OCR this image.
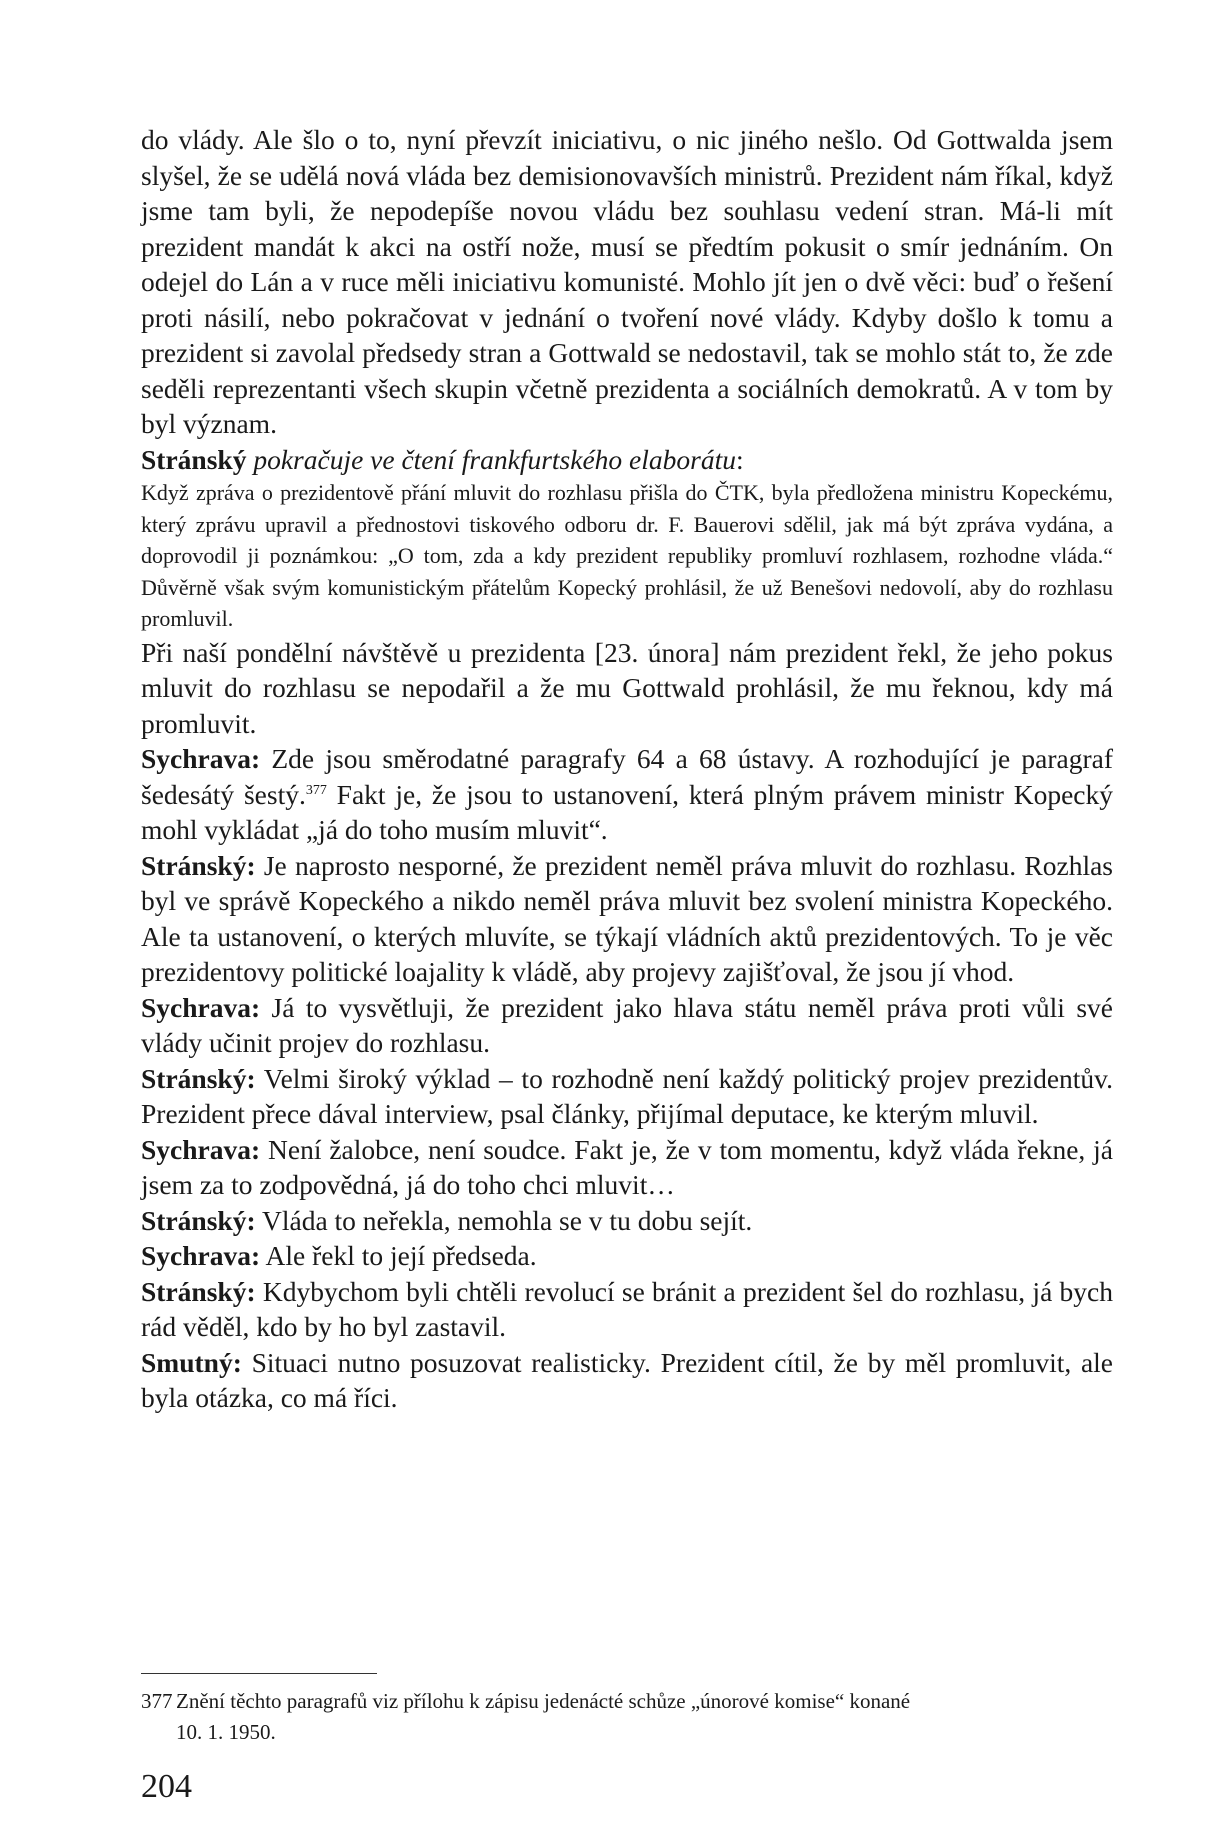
do vlády. Ale šlo o to, nyní převzít iniciativu, o nic jiného nešlo. Od Gottwalda jsem slyšel, že se udělá nová vláda bez demisionovavších ministrů. Prezident nám říkal, když jsme tam byli, že nepodepíše novou vládu bez souhlasu vedení stran. Má-li mít prezident mandát k akci na ostří nože, musí se předtím pokusit o smír jednáním. On odejel do Lán a v ruce měli iniciativu komunisté. Mohlo jít jen o dvě věci: buď o řešení proti násilí, nebo pokračovat v jednání o tvoření nové vlády. Kdyby došlo k tomu a prezident si zavolal předsedy stran a Gottwald se nedostavil, tak se mohlo stát to, že zde seděli reprezentanti všech skupin včetně prezidenta a sociálních demokratů. A v tom by byl význam.

Stránský pokračuje ve čtení frankfurtského elaborátu:

Když zpráva o prezidentově přání mluvit do rozhlasu přišla do ČTK, byla předložena ministru Kopeckému, který zprávu upravil a přednostovi tiskového odboru dr. F. Bauerovi sdělil, jak má být zpráva vydána, a doprovodil ji poznámkou: „O tom, zda a kdy prezident republiky promluví rozhlasem, rozhodne vláda.“ Důvěrně však svým komunistickým přátelům Kopecký prohlásil, že už Benešovi nedovolí, aby do rozhlasu promluvil.

Při naší pondělní návštěvě u prezidenta [23. února] nám prezident řekl, že jeho pokus mluvit do rozhlasu se nepodařil a že mu Gottwald prohlásil, že mu řeknou, kdy má promluvit.

Sychrava: Zde jsou směrodatné paragrafy 64 a 68 ústavy. A rozhodující je paragraf šedesátý šestý.$^{377}$ Fakt je, že jsou to ustanovení, která plným právem ministr Kopecký mohl vykládat „já do toho musím mluvit“.

Stránský: Je naprosto nesporné, že prezident neměl práva mluvit do rozhlasu. Rozhlas byl ve správě Kopeckého a nikdo neměl práva mluvit bez svolení ministra Kopeckého. Ale ta ustanovení, o kterých mluvíte, se týkají vládních aktů prezidentových. To je věc prezidentovy politické loajality k vládě, aby projevy zajišťoval, že jsou jí vhod.

Sychrava: Já to vysvětluji, že prezident jako hlava státu neměl práva proti vůli své vlády učinit projev do rozhlasu.

Stránský: Velmi široký výklad – to rozhodně není každý politický projev prezidentův. Prezident přece dával interview, psal články, přijímal deputace, ke kterým mluvil.

Sychrava: Není žalobce, není soudce. Fakt je, že v tom momentu, když vláda řekne, já jsem za to zodpovědná, já do toho chci mluvit…

Stránský: Vláda to neřekla, nemohla se v tu dobu sejít.

Sychrava: Ale řekl to její předseda.

Stránský: Kdybychom byli chtěli revolucí se bránit a prezident šel do rozhlasu, já bych rád věděl, kdo by ho byl zastavil.

Smutný: Situaci nutno posuzovat realisticky. Prezident cítil, že by měl promluvit, ale byla otázka, co má říci.

377 Znění těchto paragrafů viz přílohu k zápisu jedenácté schůze „únorové komise“ konané
10. 1. 1950.
204
